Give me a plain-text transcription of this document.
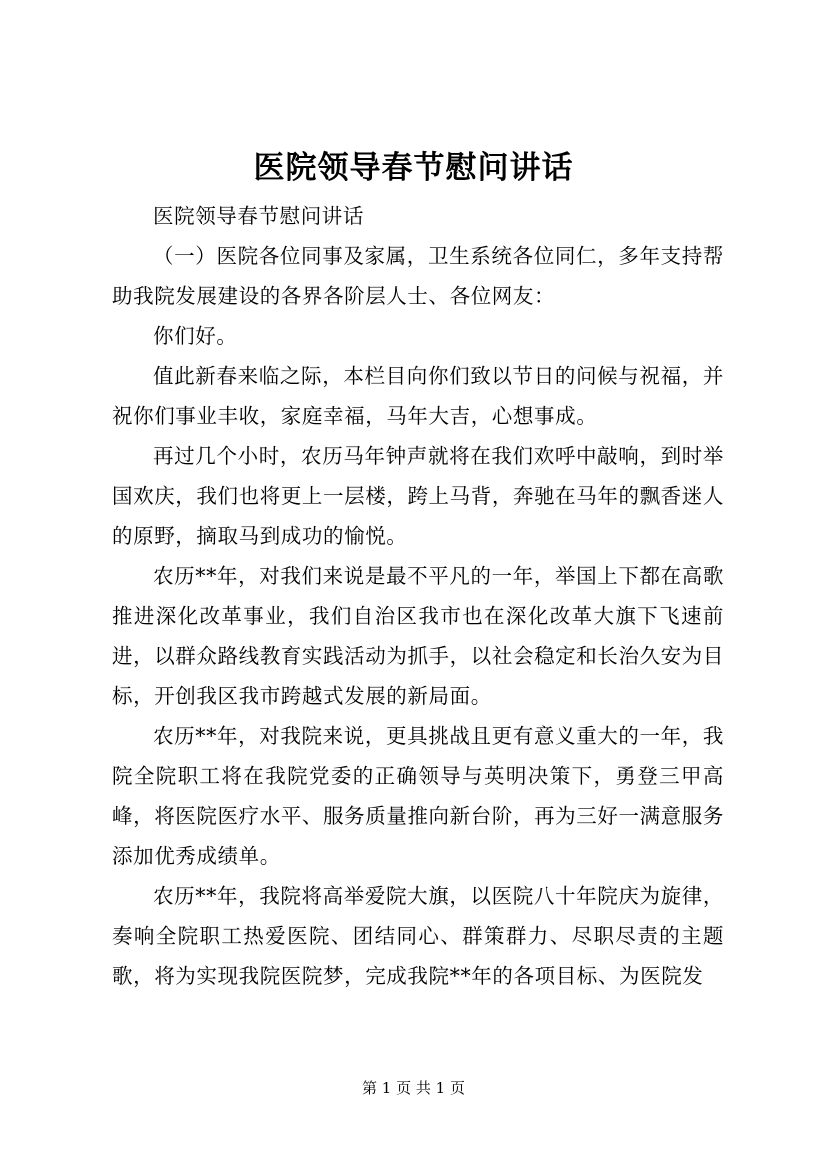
医院领导春节慰问讲话

医院领导春节慰问讲话

（一）医院各位同事及家属，卫生系统各位同仁，多年支持帮助我院发展建设的各界各阶层人士、各位网友：

你们好。

值此新春来临之际，本栏目向你们致以节日的问候与祝福，并祝你们事业丰收，家庭幸福，马年大吉，心想事成。

再过几个小时，农历马年钟声就将在我们欢呼中敲响，到时举国欢庆，我们也将更上一层楼，跨上马背，奔驰在马年的飘香迷人的原野，摘取马到成功的愉悦。

农历**年，对我们来说是最不平凡的一年，举国上下都在高歌推进深化改革事业，我们自治区我市也在深化改革大旗下飞速前进，以群众路线教育实践活动为抓手，以社会稳定和长治久安为目标，开创我区我市跨越式发展的新局面。

农历**年，对我院来说，更具挑战且更有意义重大的一年，我院全院职工将在我院党委的正确领导与英明决策下，勇登三甲高峰，将医院医疗水平、服务质量推向新台阶，再为三好一满意服务添加优秀成绩单。

农历**年，我院将高举爱院大旗，以医院八十年院庆为旋律，奏响全院职工热爱医院、团结同心、群策群力、尽职尽责的主题歌，将为实现我院医院梦，完成我院**年的各项目标、为医院发

第 1 页 共 1 页
